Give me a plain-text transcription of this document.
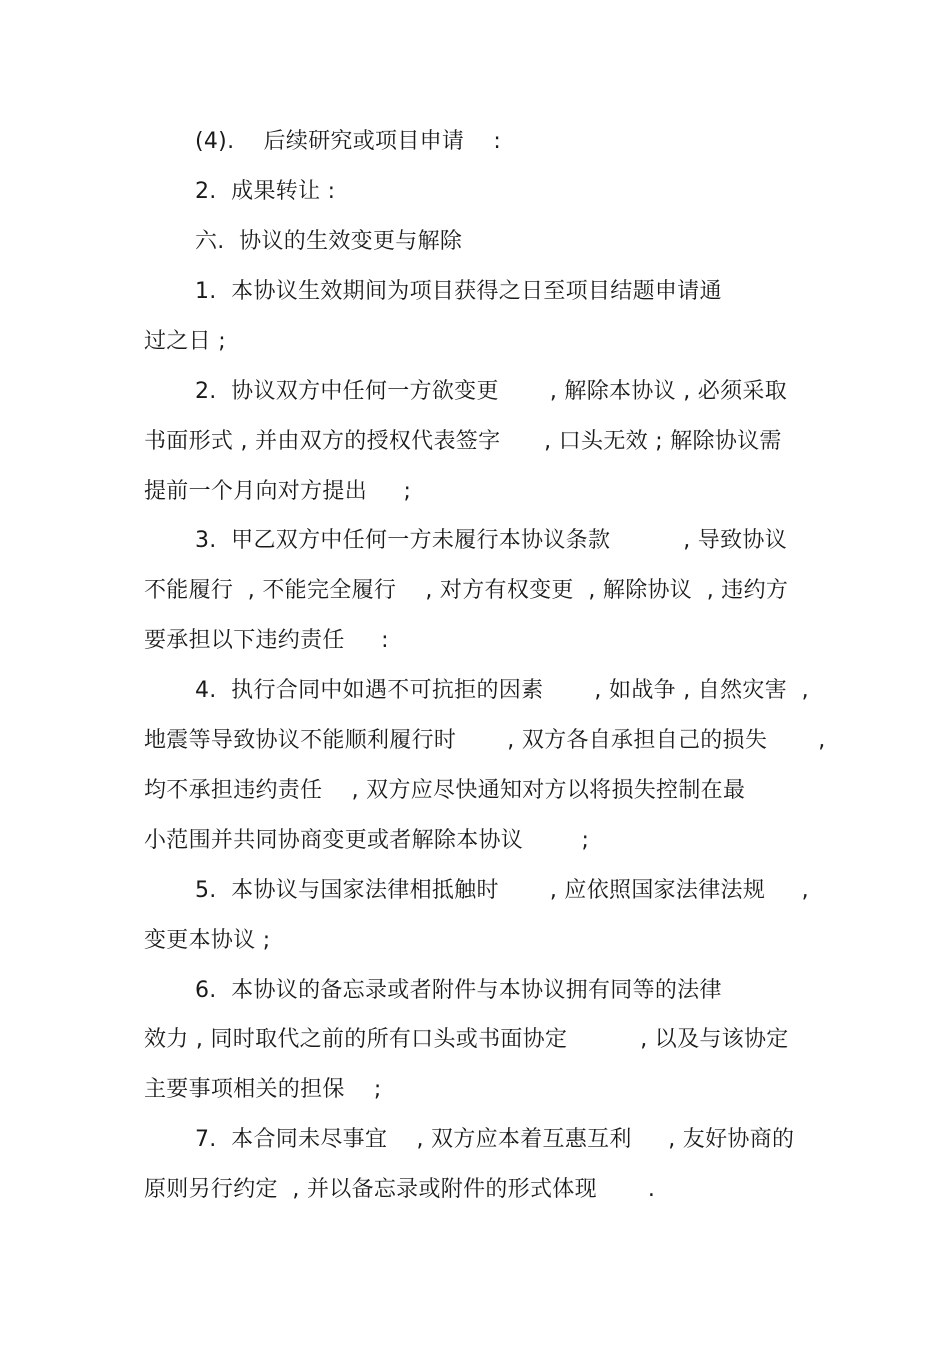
(4).    后续研究或项目申请    :
2.  成果转让 :
六.  协议的生效变更与解除
1.  本协议生效期间为项目获得之日至项目结题申请通
过之日 ;
2.  协议双方中任何一方欲变更       , 解除本协议 , 必须采取
书面形式 , 并由双方的授权代表签字      , 口头无效 ; 解除协议需
提前一个月向对方提出     ;
3.  甲乙双方中任何一方未履行本协议条款          , 导致协议
不能履行  , 不能完全履行    , 对方有权变更  , 解除协议  , 违约方
要承担以下违约责任     :
4.  执行合同中如遇不可抗拒的因素       , 如战争 , 自然灾害  ,
地震等导致协议不能顺利履行时       , 双方各自承担自己的损失       ,
均不承担违约责任    , 双方应尽快通知对方以将损失控制在最
小范围并共同协商变更或者解除本协议        ;
5.  本协议与国家法律相抵触时       , 应依照国家法律法规     ,
变更本协议 ;
6.  本协议的备忘录或者附件与本协议拥有同等的法律
效力 , 同时取代之前的所有口头或书面协定          , 以及与该协定
主要事项相关的担保    ;
7.  本合同未尽事宜    , 双方应本着互惠互利     , 友好协商的
原则另行约定  , 并以备忘录或附件的形式体现       .
